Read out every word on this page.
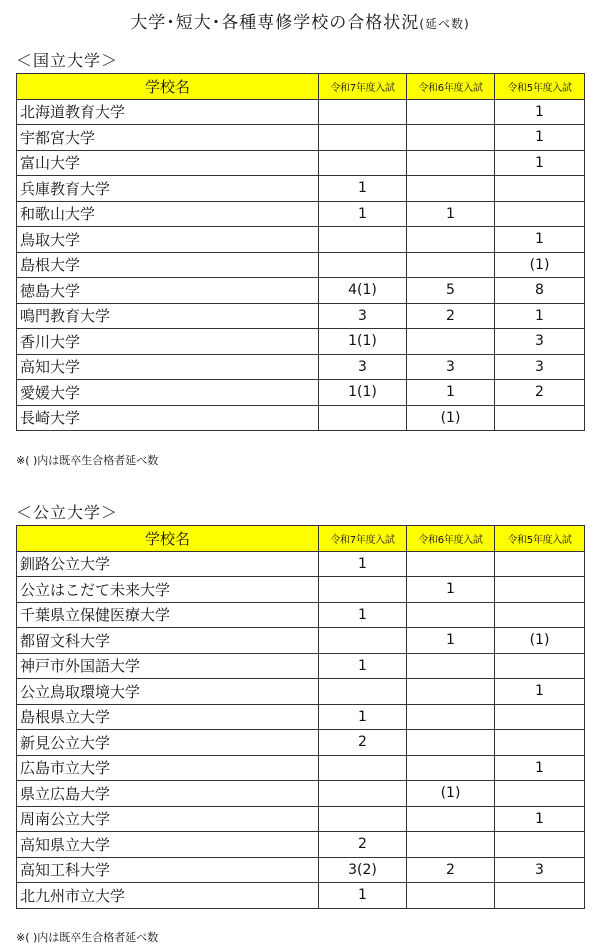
大学･短大･各種専修学校の合格状況(延べ数)
＜国立大学＞
学校名	令和7年度入試	令和6年度入試	令和5年度入試
北海道教育大学			1
宇都宮大学			1
富山大学			1
兵庫教育大学	1		
和歌山大学	1	1	
鳥取大学			1
島根大学			(1)
徳島大学	4(1)	5	8
鳴門教育大学	3	2	1
香川大学	1(1)		3
高知大学	3	3	3
愛媛大学	1(1)	1	2
長崎大学		(1)	
※( )内は既卒生合格者延べ数
＜公立大学＞
学校名	令和7年度入試	令和6年度入試	令和5年度入試
釧路公立大学	1		
公立はこだて未来大学		1	
千葉県立保健医療大学	1		
都留文科大学		1	(1)
神戸市外国語大学	1		
公立鳥取環境大学			1
島根県立大学	1		
新見公立大学	2		
広島市立大学			1
県立広島大学		(1)	
周南公立大学			1
高知県立大学	2		
高知工科大学	3(2)	2	3
北九州市立大学	1		
※( )内は既卒生合格者延べ数
